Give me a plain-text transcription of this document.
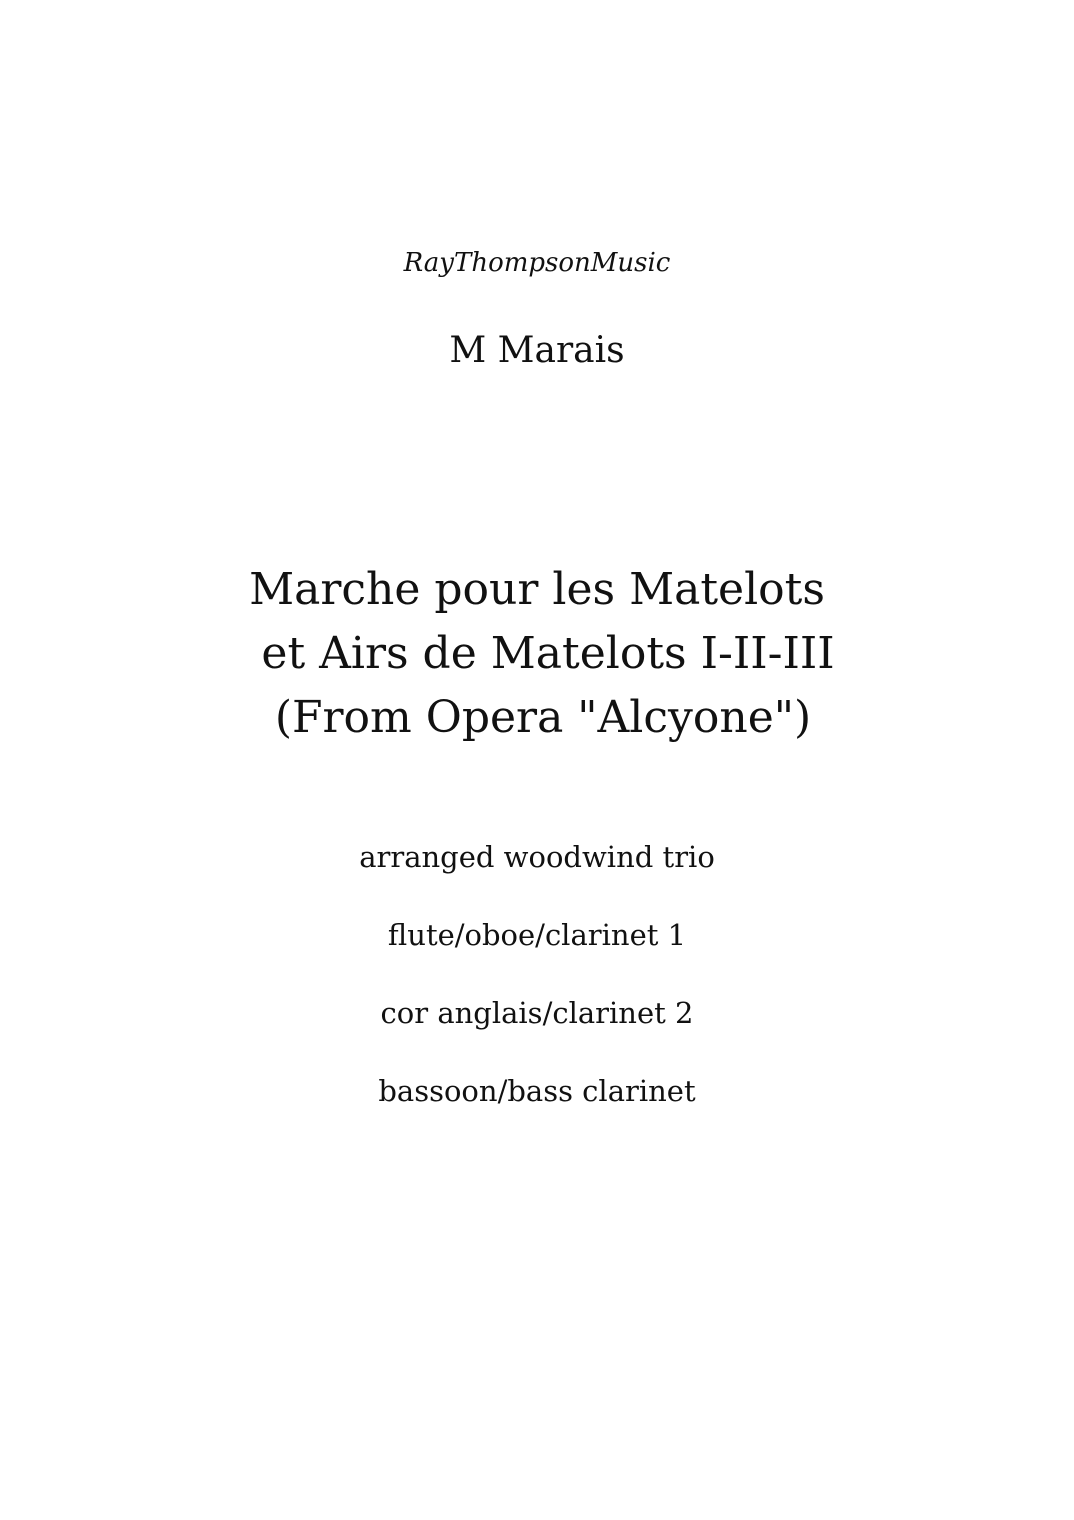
RayThompsonMusic
M Marais
Marche pour les Matelots
et Airs de Matelots I-II-III
(From Opera "Alcyone")
arranged woodwind trio
flute/oboe/clarinet 1
cor anglais/clarinet 2
bassoon/bass clarinet
